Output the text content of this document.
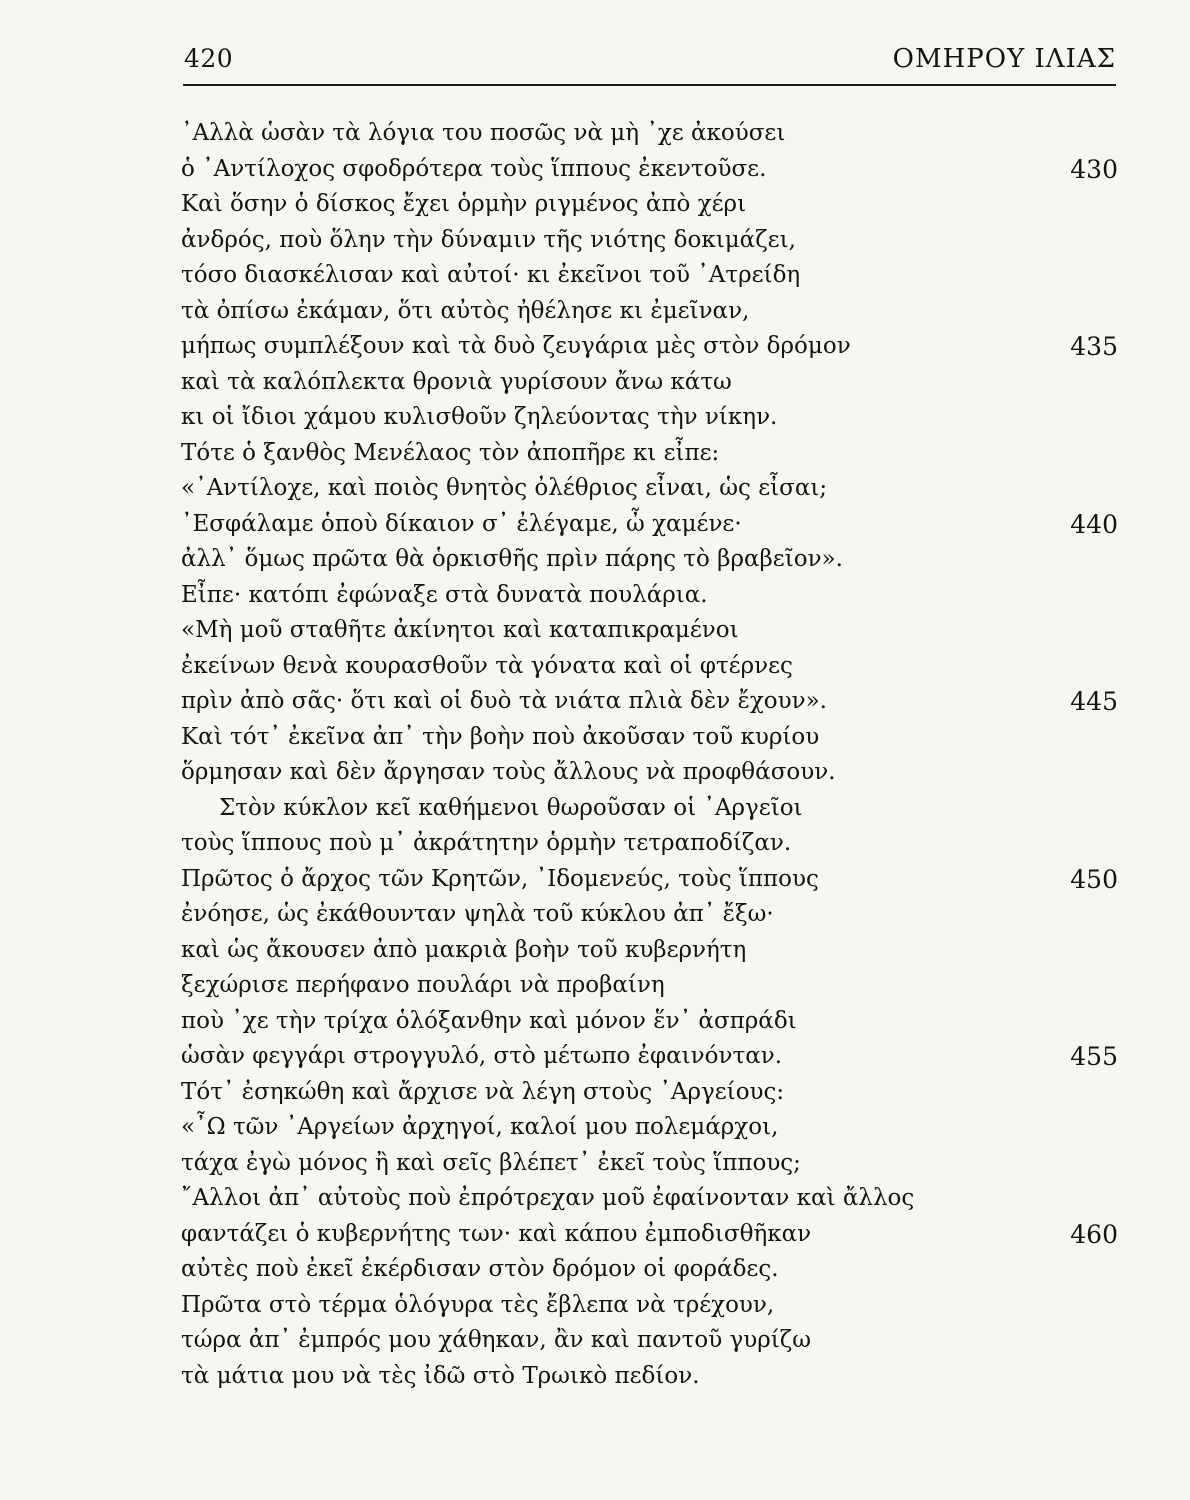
420	ΟΜΗΡΟΥ ΙΛΙΑΣ
᾿Αλλὰ ὡσὰν τὰ λόγια του ποσῶς νὰ μὴ ᾿χε ἀκούσει
ὁ ᾿Αντίλοχος σφοδρότερα τοὺς ἵππους ἐκεντοῦσε.	430
Καὶ ὅσην ὁ δίσκος ἔχει ὁρμὴν ριγμένος ἀπὸ χέρι
ἀνδρός, ποὺ ὅλην τὴν δύναμιν τῆς νιότης δοκιμάζει,
τόσο διασκέλισαν καὶ αὐτοί· κι ἐκεῖνοι τοῦ ᾿Ατρείδη
τὰ ὀπίσω ἐκάμαν, ὅτι αὐτὸς ἠθέλησε κι ἐμεῖναν,
μήπως συμπλέξουν καὶ τὰ δυὸ ζευγάρια μὲς στὸν δρόμον	435
καὶ τὰ καλόπλεκτα θρονιὰ γυρίσουν ἄνω κάτω
κι οἱ ἴδιοι χάμου κυλισθοῦν ζηλεύοντας τὴν νίκην.
Τότε ὁ ξανθὸς Μενέλαος τὸν ἀποπῆρε κι εἶπε:
«᾿Αντίλοχε, καὶ ποιὸς θνητὸς ὀλέθριος εἶναι, ὡς εἶσαι;
᾿Εσφάλαμε ὁποὺ δίκαιον σ᾿ ἐλέγαμε, ὦ χαμένε·	440
ἀλλ᾿ ὅμως πρῶτα θὰ ὁρκισθῆς πρὶν πάρης τὸ βραβεῖον».
Εἶπε· κατόπι ἐφώναξε στὰ δυνατὰ πουλάρια.
«Μὴ μοῦ σταθῆτε ἀκίνητοι καὶ καταπικραμένοι
ἐκείνων θενὰ κουρασθοῦν τὰ γόνατα καὶ οἱ φτέρνες
πρὶν ἀπὸ σᾶς· ὅτι καὶ οἱ δυὸ τὰ νιάτα πλιὰ δὲν ἔχουν».	445
Καὶ τότ᾿ ἐκεῖνα ἀπ᾿ τὴν βοὴν ποὺ ἀκοῦσαν τοῦ κυρίου
ὅρμησαν καὶ δὲν ἄργησαν τοὺς ἄλλους νὰ προφθάσουν.
Στὸν κύκλον κεῖ καθήμενοι θωροῦσαν οἱ ᾿Αργεῖοι
τοὺς ἵππους ποὺ μ᾿ ἀκράτητην ὁρμὴν τετραποδίζαν.
Πρῶτος ὁ ἄρχος τῶν Κρητῶν, ᾿Ιδομενεύς, τοὺς ἵππους	450
ἐνόησε, ὡς ἐκάθουνταν ψηλὰ τοῦ κύκλου ἀπ᾿ ἔξω·
καὶ ὡς ἄκουσεν ἀπὸ μακριὰ βοὴν τοῦ κυβερνήτη
ξεχώρισε περήφανο πουλάρι νὰ προβαίνη
ποὺ ᾿χε τὴν τρίχα ὁλόξανθην καὶ μόνον ἕν᾿ ἀσπράδι
ὡσὰν φεγγάρι στρογγυλό, στὸ μέτωπο ἐφαινόνταν.	455
Τότ᾿ ἐσηκώθη καὶ ἄρχισε νὰ λέγη στοὺς ᾿Αργείους:
«῏Ω τῶν ᾿Αργείων ἀρχηγοί, καλοί μου πολεμάρχοι,
τάχα ἐγὼ μόνος ἢ καὶ σεῖς βλέπετ᾿ ἐκεῖ τοὺς ἵππους;
῎Αλλοι ἀπ᾿ αὐτοὺς ποὺ ἐπρότρεχαν μοῦ ἐφαίνονταν καὶ ἄλλος
φαντάζει ὁ κυβερνήτης των· καὶ κάπου ἐμποδισθῆκαν	460
αὐτὲς ποὺ ἐκεῖ ἐκέρδισαν στὸν δρόμον οἱ φοράδες.
Πρῶτα στὸ τέρμα ὁλόγυρα τὲς ἔβλεπα νὰ τρέχουν,
τώρα ἀπ᾿ ἐμπρός μου χάθηκαν, ἂν καὶ παντοῦ γυρίζω
τὰ μάτια μου νὰ τὲς ἰδῶ στὸ Τρωικὸ πεδίον.
